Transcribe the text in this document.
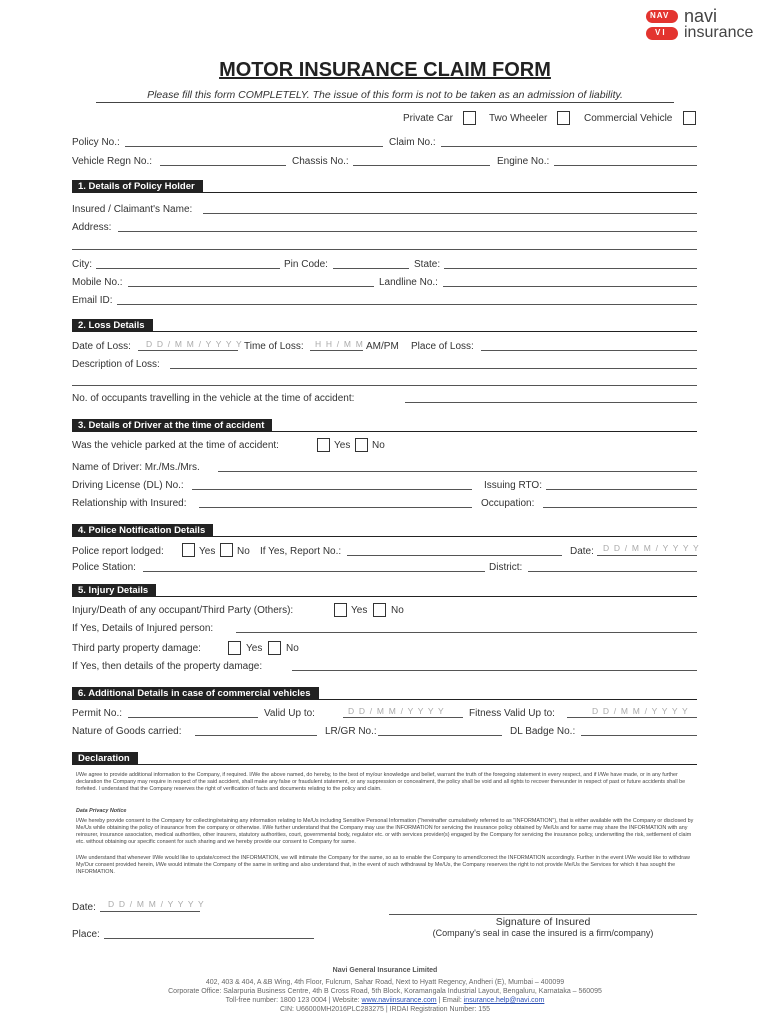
NAV
VI
navi
insurance
MOTOR INSURANCE CLAIM FORM
Please fill this form COMPLETELY. The issue of this form is not to be taken as an admission of liability.
Private Car	Two Wheeler	Commercial Vehicle
Policy No.:	Claim No.:
Vehicle Regn No.:	Chassis No.:	Engine No.:
1. Details of Policy Holder
Insured / Claimant's Name:
Address:
City:	Pin Code:	State:
Mobile No.:	Landline No.:
Email ID:
2. Loss Details
Date of Loss: D D / M M / Y Y Y Y Time of Loss: H H / M M AM/PM Place of Loss:
Description of Loss:
No. of occupants travelling in the vehicle at the time of accident:
3. Details of Driver at the time of accident
Was the vehicle parked at the time of accident:	Yes No
Name of Driver: Mr./Ms./Mrs.
Driving License (DL) No.:	Issuing RTO:
Relationship with Insured:	Occupation:
4. Police Notification Details
Police report lodged:	Yes No If Yes, Report No.:	Date: D D / M M / Y Y Y Y
Police Station:	District:
5. Injury Details
Injury/Death of any occupant/Third Party (Others):	Yes No
If Yes, Details of Injured person:
Third party property damage:	Yes No
If Yes, then details of the property damage:
6. Additional Details in case of commercial vehicles
Permit No.:	Valid Up to:	D D / M M / Y Y Y Y Fitness Valid Up to:	D D / M M / Y Y Y Y
Nature of Goods carried:	LR/GR No.:	DL Badge No.:
Declaration
I/We agree to provide additional information to the Company, if required. I/We the above named, do hereby, to the best of my/our knowledge and belief, warrant the truth of the foregoing statement in every respect, and if I/We have made, or in any further declaration the Company may require in respect of the said accident, shall make any false or fraudulent statement, or any suppression or concealment, the policy shall be void and all rights to recover thereunder in respect of past or future accidents shall be forfeited. I understand that the Company reserves the right of verification of facts and documents relating to the policy and claim.
Data Privacy Notice
I/We hereby provide consent to the Company for collecting/retaining any information relating to Me/Us including Sensitive Personal Information ("hereinafter cumulatively referred to as "INFORMATION"), that is either available with the Company or disclosed by Me/Us while obtaining the policy of insurance from the company or otherwise. I/We further understand that the Company may use the INFORMATION for servicing the insurance policy obtained by Me/Us and for same may share the INFORMATION with any reinsurer, insurance association, medical authorities, other insurers, statutory authorities, court, governmental body, regulator etc. or with services provider(s) engaged by the Company for servicing the insurance policy, underwriting the risk, settlement of claim etc. without obtaining our specific consent for such sharing and we hereby provide our consent to Company for same.
I/We understand that whenever I/We would like to update/correct the INFORMATION, we will intimate the Company for the same, so as to enable the Company to amend/correct the INFORMATION accordingly. Further in the event I/We would like to withdraw My/Our consent provided herein, I/We would intimate the Company of the same in writing and also understand that, in the event of such withdrawal by Me/Us, the Company reserves the right to not provide Me/Us the Services for which it has sought the INFORMATION.
Date: D D / M M / Y Y Y Y
Place:
Signature of Insured
(Company's seal in case the insured is a firm/company)
Navi General Insurance Limited
402, 403 & 404, A &B Wing, 4th Floor, Fulcrum, Sahar Road, Next to Hyatt Regency, Andheri (E), Mumbai – 400099
Corporate Office: Salarpuria Business Centre, 4th B Cross Road, 5th Block, Koramangala Industrial Layout, Bengaluru, Karnataka – 560095
Toll-free number: 1800 123 0004 | Website: www.naviinsurance.com | Email: insurance.help@navi.com
CIN: U66000MH2016PLC283275 | IRDAI Registration Number: 155
